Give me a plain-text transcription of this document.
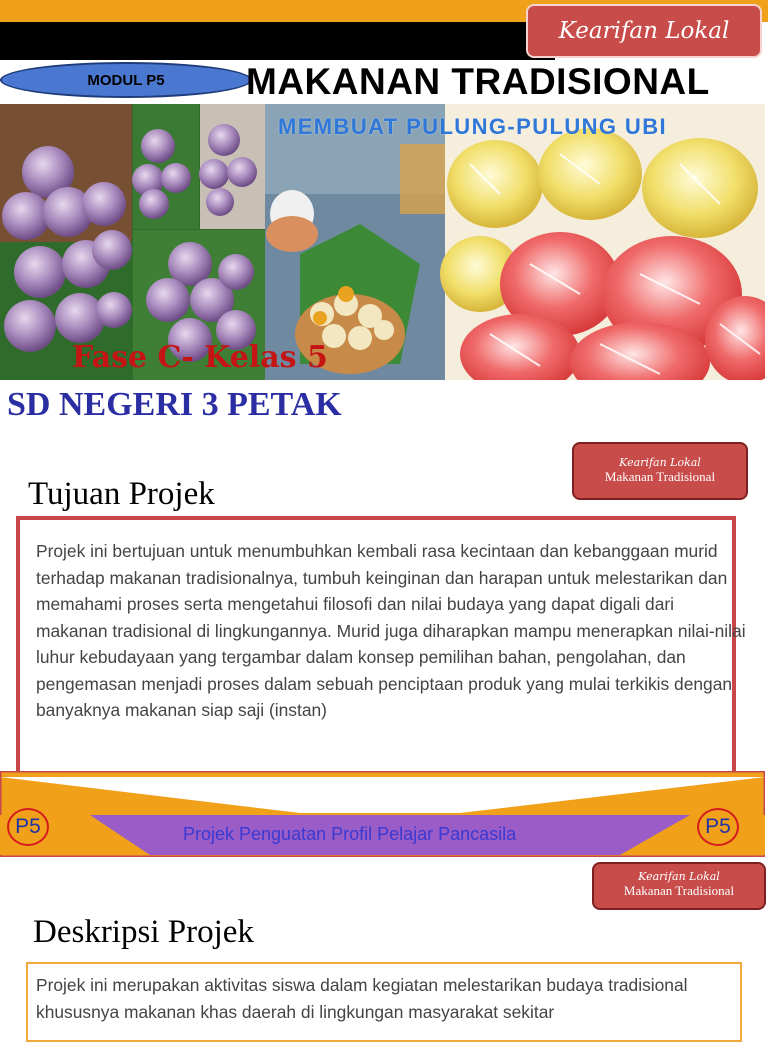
Kearifan Lokal
MODUL P5 MAKANAN TRADISIONAL
MEMBUAT PULUNG-PULUNG UBI
Fase C- Kelas 5
SD NEGERI 3 PETAK
Kearifan Lokal
Makanan Tradisional
Tujuan Projek

Projek ini bertujuan untuk menumbuhkan kembali rasa kecintaan dan kebanggaan murid terhadap makanan tradisionalnya, tumbuh keinginan dan harapan untuk melestarikan dan memahami proses serta mengetahui filosofi dan nilai budaya yang dapat digali dari makanan tradisional di lingkungannya. Murid juga diharapkan mampu menerapkan nilai-nilai luhur kebudayaan yang tergambar dalam konsep pemilihan bahan, pengolahan, dan pengemasan menjadi proses dalam sebuah penciptaan produk yang mulai terkikis dengan banyaknya makanan siap saji (instan)

P5	P5
Projek Penguatan Profil Pelajar Pancasila
Kearifan Lokal
Makanan Tradisional
Deskripsi Projek

Projek ini merupakan aktivitas siswa dalam kegiatan melestarikan budaya tradisional khususnya makanan khas daerah di lingkungan masyarakat sekitar
